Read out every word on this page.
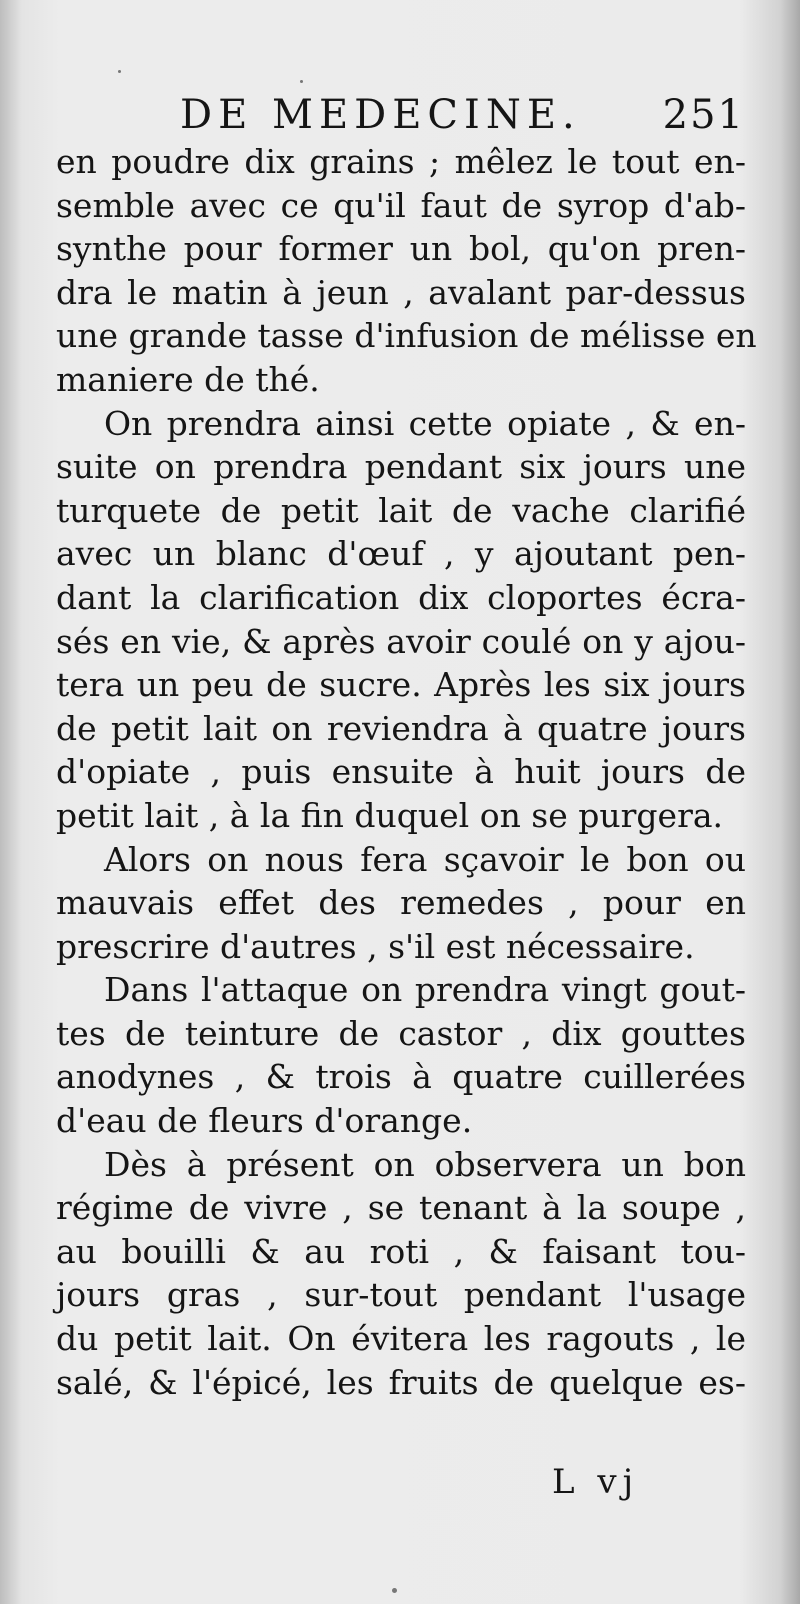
DE MEDECINE. 251
en poudre dix grains ; mêlez le tout en-
semble avec ce qu'il faut de syrop d'ab-
synthe pour former un bol, qu'on pren-
dra le matin à jeun , avalant par-dessus
une grande tasse d'infusion de mélisse en
maniere de thé.
On prendra ainsi cette opiate , & en-
suite on prendra pendant six jours une
turquete de petit lait de vache clarifié
avec un blanc d'œuf , y ajoutant pen-
dant la clarification dix cloportes écra-
sés en vie, & après avoir coulé on y ajou-
tera un peu de sucre. Après les six jours
de petit lait on reviendra à quatre jours
d'opiate , puis ensuite à huit jours de
petit lait , à la fin duquel on se purgera.
Alors on nous fera sçavoir le bon ou
mauvais effet des remedes , pour en
prescrire d'autres , s'il est nécessaire.
Dans l'attaque on prendra vingt gout-
tes de teinture de castor , dix gouttes
anodynes , & trois à quatre cuillerées
d'eau de fleurs d'orange.
Dès à présent on observera un bon
régime de vivre , se tenant à la soupe ,
au bouilli & au roti , & faisant tou-
jours gras , sur-tout pendant l'usage
du petit lait. On évitera les ragouts , le
salé, & l'épicé, les fruits de quelque es-
L vj
